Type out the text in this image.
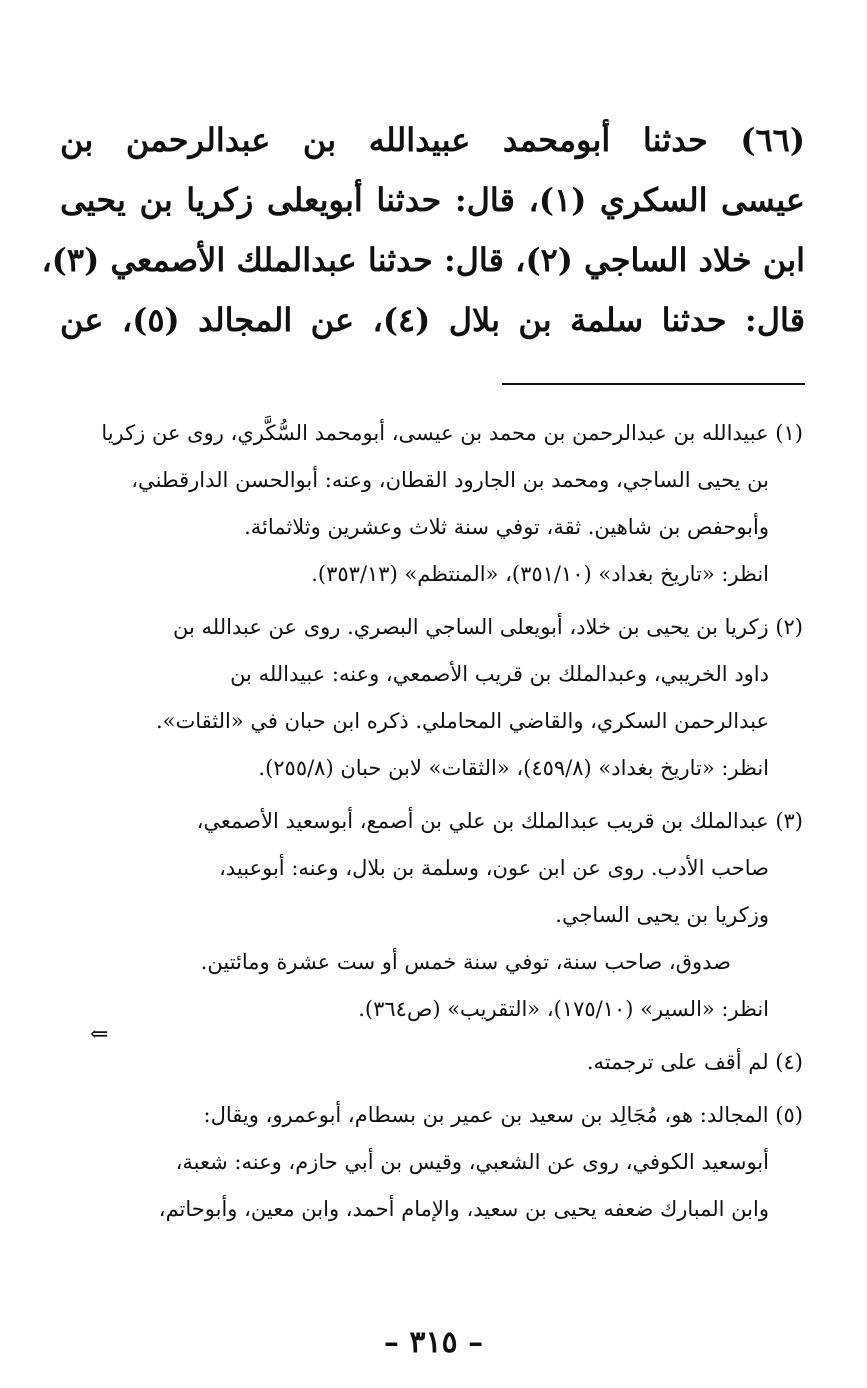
(٦٦) حدثنا أبومحمد عبيدالله بن عبدالرحمن بن
عيسى السكري (١)، قال: حدثنا أبويعلى زكريا بن يحيى
ابن خلاد الساجي (٢)، قال: حدثنا عبدالملك الأصمعي (٣)،
قال: حدثنا سلمة بن بلال (٤)، عن المجالد (٥)، عن
(١) عبيدالله بن عبدالرحمن بن محمد بن عيسى، أبومحمد السُّكَّري، روى عن زكريا
بن يحيى الساجي، ومحمد بن الجارود القطان، وعنه: أبوالحسن الدارقطني،
وأبوحفص بن شاهين. ثقة، توفي سنة ثلاث وعشرين وثلاثمائة.
انظر: «تاريخ بغداد» (٣٥١/١٠)، «المنتظم» (٣٥٣/١٣).
(٢) زكريا بن يحيى بن خلاد، أبويعلى الساجي البصري. روى عن عبدالله بن
داود الخريبي، وعبدالملك بن قريب الأصمعي، وعنه: عبيدالله بن
عبدالرحمن السكري، والقاضي المحاملي. ذكره ابن حبان في «الثقات».
انظر: «تاريخ بغداد» (٤٥٩/٨)، «الثقات» لابن حبان (٢٥٥/٨).
(٣) عبدالملك بن قريب عبدالملك بن علي بن أصمع، أبوسعيد الأصمعي،
صاحب الأدب. روى عن ابن عون، وسلمة بن بلال، وعنه: أبوعبيد،
وزكريا بن يحيى الساجي.
صدوق، صاحب سنة، توفي سنة خمس أو ست عشرة ومائتين.
انظر: «السير» (١٧٥/١٠)، «التقريب» (ص٣٦٤).
(٤) لم أقف على ترجمته.
(٥) المجالد: هو، مُجَالِد بن سعيد بن عمير بن بسطام، أبوعمرو، ويقال:
أبوسعيد الكوفي، روى عن الشعبي، وقيس بن أبي حازم، وعنه: شعبة،
وابن المبارك ضعفه يحيى بن سعيد، والإمام أحمد، وابن معين، وأبوحاتم،
⇐
– ٣١٥ –
